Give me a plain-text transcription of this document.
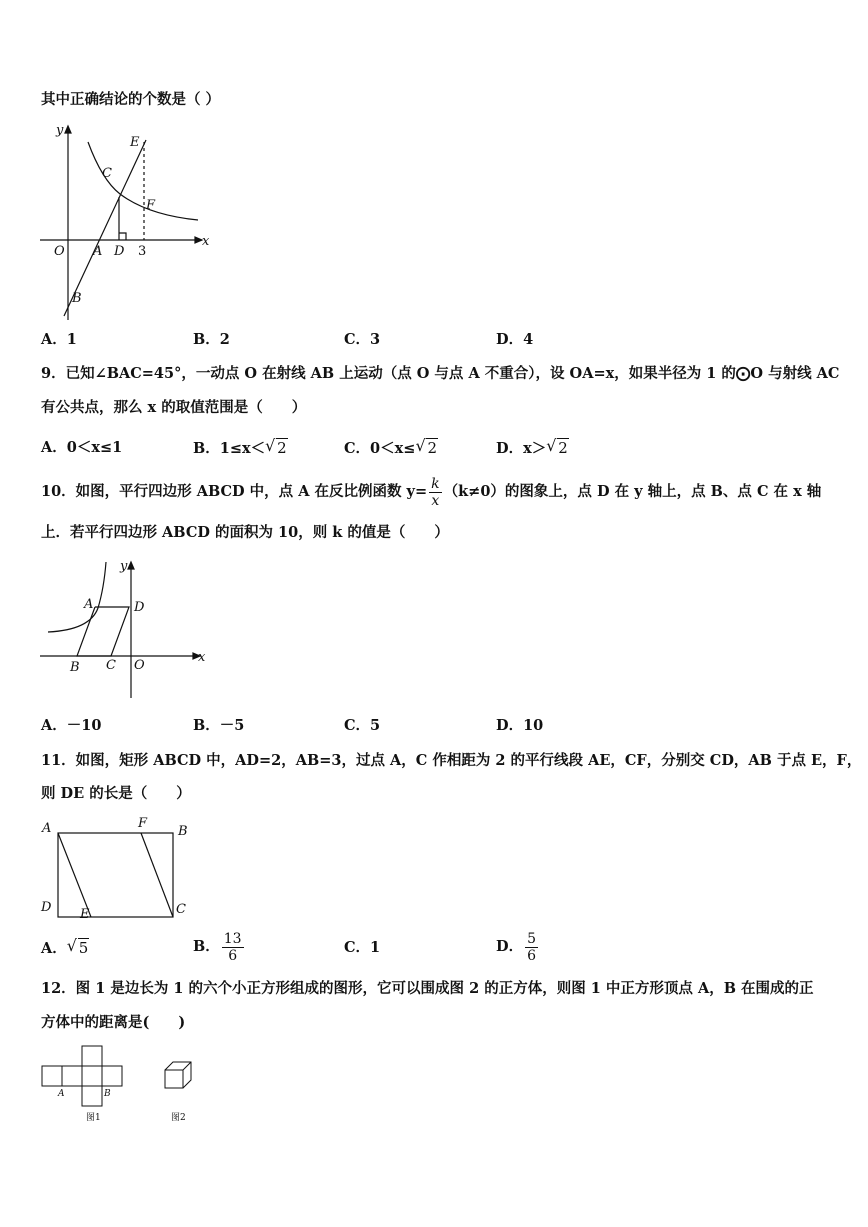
其中正确结论的个数是（ ）
y
x
E
C
F
O A D 3
B
A．1	B．2	C．3	D．4
9．已知∠BAC=45°，一动点 O 在射线 AB 上运动（点 O 与点 A 不重合），设 OA=x，如果半径为 1 的⨀O 与射线 AC
有公共点，那么 x 的取值范围是（　　）
A．0＜x≤1	B．1≤x＜ √ 2	C．0＜x≤ √ 2	D．x＞ √ 2
10．如图，平行四边形 ABCD 中，点 A 在反比例函数 $y= \frac{k}{x} (k\ne 0)$的图象上，点 D 在 y 轴上，点 B、点 C 在 x 轴
上．若平行四边形 ABCD 的面积为 10，则 k 的值是（　　）
y
x
A	D
B C O
A．－10	B．－5	C．5	D．10
11．如图，矩形 ABCD 中，AD=2，AB=3，过点 A，C 作相距为 2 的平行线段 AE，CF，分别交 CD，AB 于点 E，F，
则 DE 的长是（　　）
A	F
B
D E	C
A． √ 5	B． $\frac{13}{6}$	C．1	D． $\frac{5}{6}$
12．图 1 是边长为 1 的六个小正方形组成的图形，它可以围成图 2 的正方体，则图 1 中正方形顶点 A，B 在围成的正
方体中的距离是(　　)
A	B
图1	图2
